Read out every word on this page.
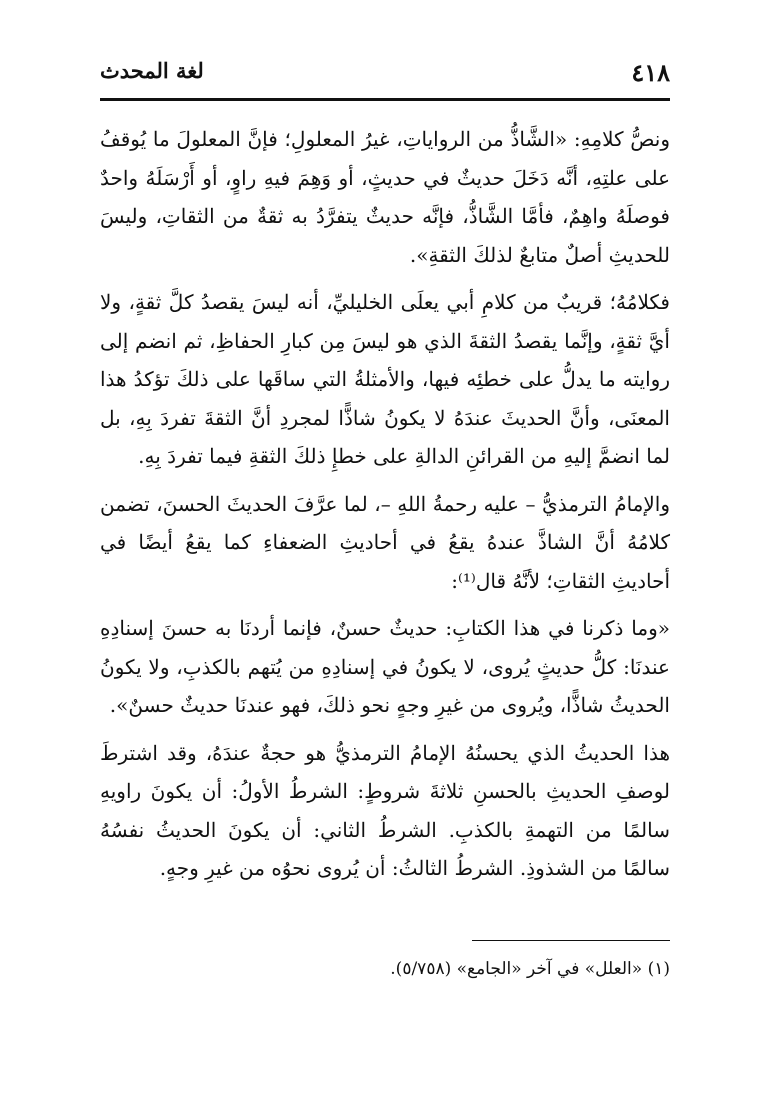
٤١٨
لغة المحدث

ونصُّ كلامِهِ: «الشَّاذُّ من الرواياتِ، غيرُ المعلولِ؛ فإنَّ المعلولَ ما يُوقفُ على علتِهِ، أنَّه دَخَلَ حديثٌ في حديثٍ، أو وَهِمَ فيهِ راوٍ، أو أَرْسَلَهُ واحدٌ فوصلَهُ واهِمٌ، فأمَّا الشَّاذُّ، فإنَّه حديثٌ يتفرَّدُ به ثقةٌ من الثقاتِ، وليسَ للحديثِ أصلٌ متابعٌ لذلكَ الثقةِ».

فكلامُهُ؛ قريبٌ من كلامِ أبي يعلَى الخليليِّ، أنه ليسَ يقصدُ كلَّ ثقةٍ، ولا أيَّ ثقةٍ، وإنَّما يقصدُ الثقةَ الذي هو ليسَ مِن كبارِ الحفاظِ، ثم انضم إلى روايته ما يدلُّ على خطئِه فيها، والأمثلةُ التي ساقَها على ذلكَ تؤكدُ هذا المعنَى، وأنَّ الحديثَ عندَهُ لا يكونُ شاذًّا لمجردِ أنَّ الثقةَ تفردَ بِهِ، بل لما انضمَّ إليهِ من القرائنِ الدالةِ على خطإِ ذلكَ الثقةِ فيما تفردَ بِهِ.

والإمامُ الترمذيُّ – عليه رحمةُ اللهِ –، لما عرَّفَ الحديثَ الحسنَ، تضمن كلامُهُ أنَّ الشاذَّ عندهُ يقعُ في أحاديثِ الضعفاءِ كما يقعُ أيضًا في أحاديثِ الثقاتِ؛ لأنَّهُ قال⁽¹⁾:

«وما ذكرنا في هذا الكتابِ: حديثٌ حسنٌ، فإنما أردنَا به حسنَ إسنادِهِ عندنَا: كلُّ حديثٍ يُروى، لا يكونُ في إسنادِهِ من يُتهم بالكذبِ، ولا يكونُ الحديثُ شاذًّا، ويُروى من غيرِ وجهٍ نحو ذلكَ، فهو عندنَا حديثٌ حسنٌ».

هذا الحديثُ الذي يحسنُهُ الإمامُ الترمذيُّ هو حجةٌ عندَهُ، وقد اشترطَ لوصفِ الحديثِ بالحسنِ ثلاثةَ شروطٍ: الشرطُ الأولُ: أن يكونَ راويهِ سالمًا من التهمةِ بالكذبِ. الشرطُ الثاني: أن يكونَ الحديثُ نفسُهُ سالمًا من الشذوذِ. الشرطُ الثالثُ: أن يُروى نحوُه من غيرِ وجهٍ.

(١) «العلل» في آخر «الجامع» (٥/٧٥٨).
